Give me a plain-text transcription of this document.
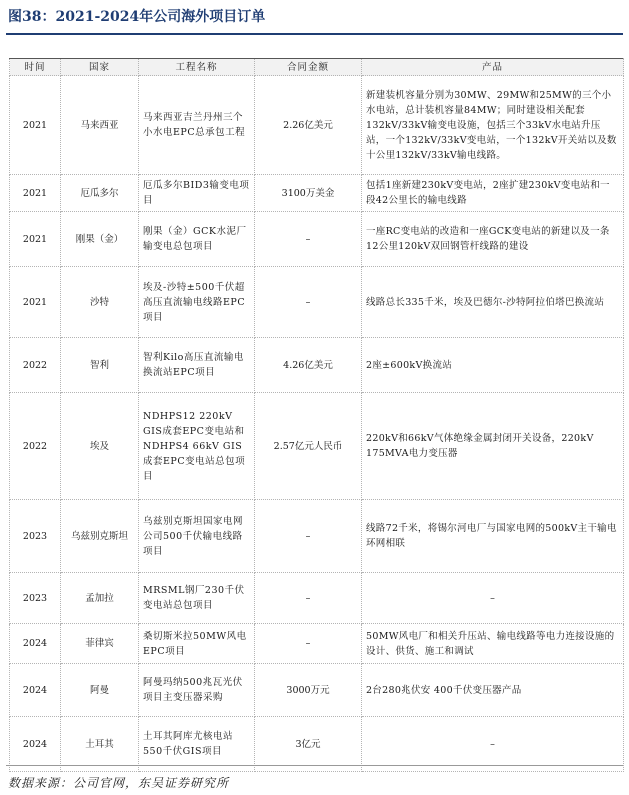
图38：2021-2024年公司海外项目订单
时间	国家	工程名称	合同金额	产品
2021	马来西亚	马来西亚吉兰丹州三个小水电EPC总承包工程	2.26亿美元	新建装机容量分别为30MW、29MW和25MW的三个小水电站，总计装机容量84MW；同时建设相关配套132kV/33kV输变电设施，包括三个33kV水电站升压站，一个132kV/33kV变电站，一个132kV开关站以及数十公里132kV/33kV输电线路。
2021	厄瓜多尔	厄瓜多尔BID3输变电项目	3100万美金	包括1座新建230kV变电站，2座扩建230kV变电站和一段42公里长的输电线路
2021	刚果（金）	刚果（金）GCK水泥厂输变电总包项目	–	一座RC变电站的改造和一座GCK变电站的新建以及一条12公里120kV双回钢管杆线路的建设
2021	沙特	埃及-沙特±500千伏超高压直流输电线路EPC项目	–	线路总长335千米，埃及巴德尔-沙特阿拉伯塔巴换流站
2022	智利	智利Kilo高压直流输电换流站EPC项目	4.26亿美元	2座±600kV换流站
2022	埃及	NDHPS12 220kV GIS成套EPC变电站和NDHPS4 66kV GIS成套EPC变电站总包项目	2.57亿元人民币	220kV和66kV气体绝缘金属封闭开关设备，220kV 175MVA电力变压器
2023	乌兹别克斯坦	乌兹别克斯坦国家电网公司500千伏输电线路项目	–	线路72千米，将锡尔河电厂与国家电网的500kV主干输电环网相联
2023	孟加拉	MRSML钢厂230千伏变电站总包项目	–	–
2024	菲律宾	桑切斯米拉50MW风电EPC项目	–	50MW风电厂和相关升压站、输电线路等电力连接设施的设计、供货、施工和调试
2024	阿曼	阿曼玛纳500兆瓦光伏项目主变压器采购	3000万元	2台280兆伏安 400千伏变压器产品
2024	土耳其	土耳其阿库尤核电站550千伏GIS项目	3亿元	–
数据来源：公司官网，东吴证券研究所
